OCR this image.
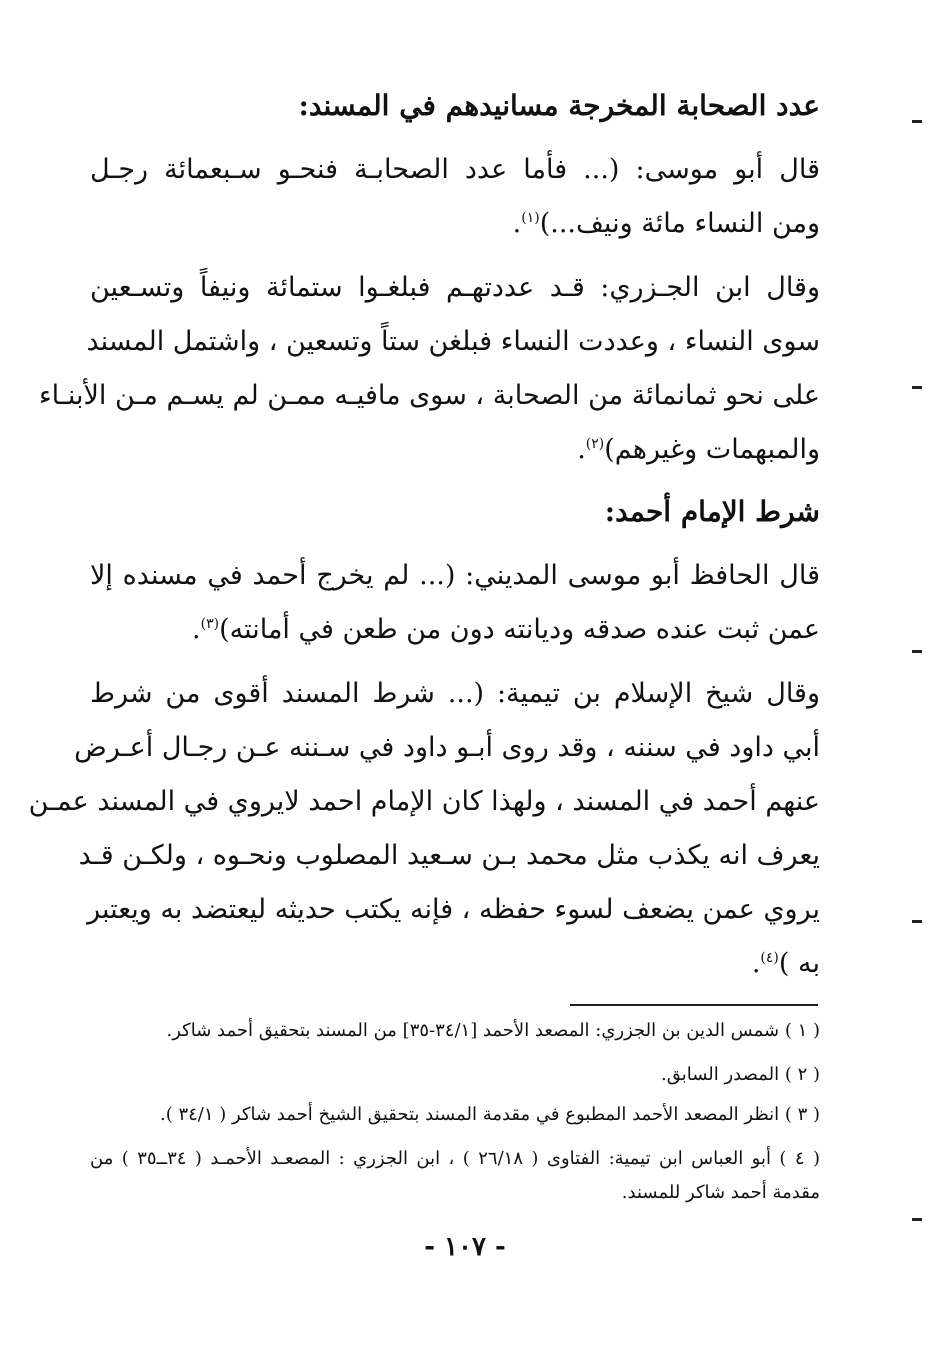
عدد الصحابة المخرجة مسانيدهم في المسند:
قال أبو موسى: (... فأما عدد الصحابـة فنحـو سـبعمائة رجـل
ومن النساء مائة ونيف...)$^{(١)}$.
وقال ابن الجـزري: قـد عددتهـم فبلغـوا ستمائة ونيفاً وتسـعين
سوى النساء ، وعددت النساء فبلغن ستاً وتسعين ، واشتمل المسند
على نحو ثمانمائة من الصحابة ، سوى مافيـه ممـن لم يسـم مـن الأبنـاء
والمبهمات وغيرهم)$^{(٢)}$.
شرط الإمام أحمد:
قال الحافظ أبو موسى المديني: (... لم يخرج أحمد في مسنده إلا
عمن ثبت عنده صدقه وديانته دون من طعن في أمانته)$^{(٣)}$.
وقال شيخ الإسلام بن تيمية: (... شرط المسند أقوى من شرط
أبي داود في سننه ، وقد روى أبـو داود في سـننه عـن رجـال أعـرض
عنهم أحمد في المسند ، ولهذا كان الإمام احمد لايروي في المسند عمـن
يعرف انه يكذب مثل محمد بـن سـعيد المصلوب ونحـوه ، ولكـن قـد
يروي عمن يضعف لسوء حفظه ، فإنه يكتب حديثه ليعتضد به ويعتبر
به )$^{(٤)}$.
( ١ ) شمس الدين بن الجزري: المصعد الأحمد [٣٤/١-٣٥] من المسند بتحقيق أحمد شاكر.
( ٢ ) المصدر السابق.
( ٣ ) انظر المصعد الأحمد المطبوع في مقدمة المسند بتحقيق الشيخ أحمد شاكر ( ٣٤/١ ).
( ٤ ) أبو العباس ابن تيمية: الفتاوى ( ٢٦/١٨ ) ، ابن الجزري : المصعـد الأحمـد ( ٣٤ــ٣٥ ) من
مقدمة أحمد شاكر للمسند.
- ١٠٧ -
